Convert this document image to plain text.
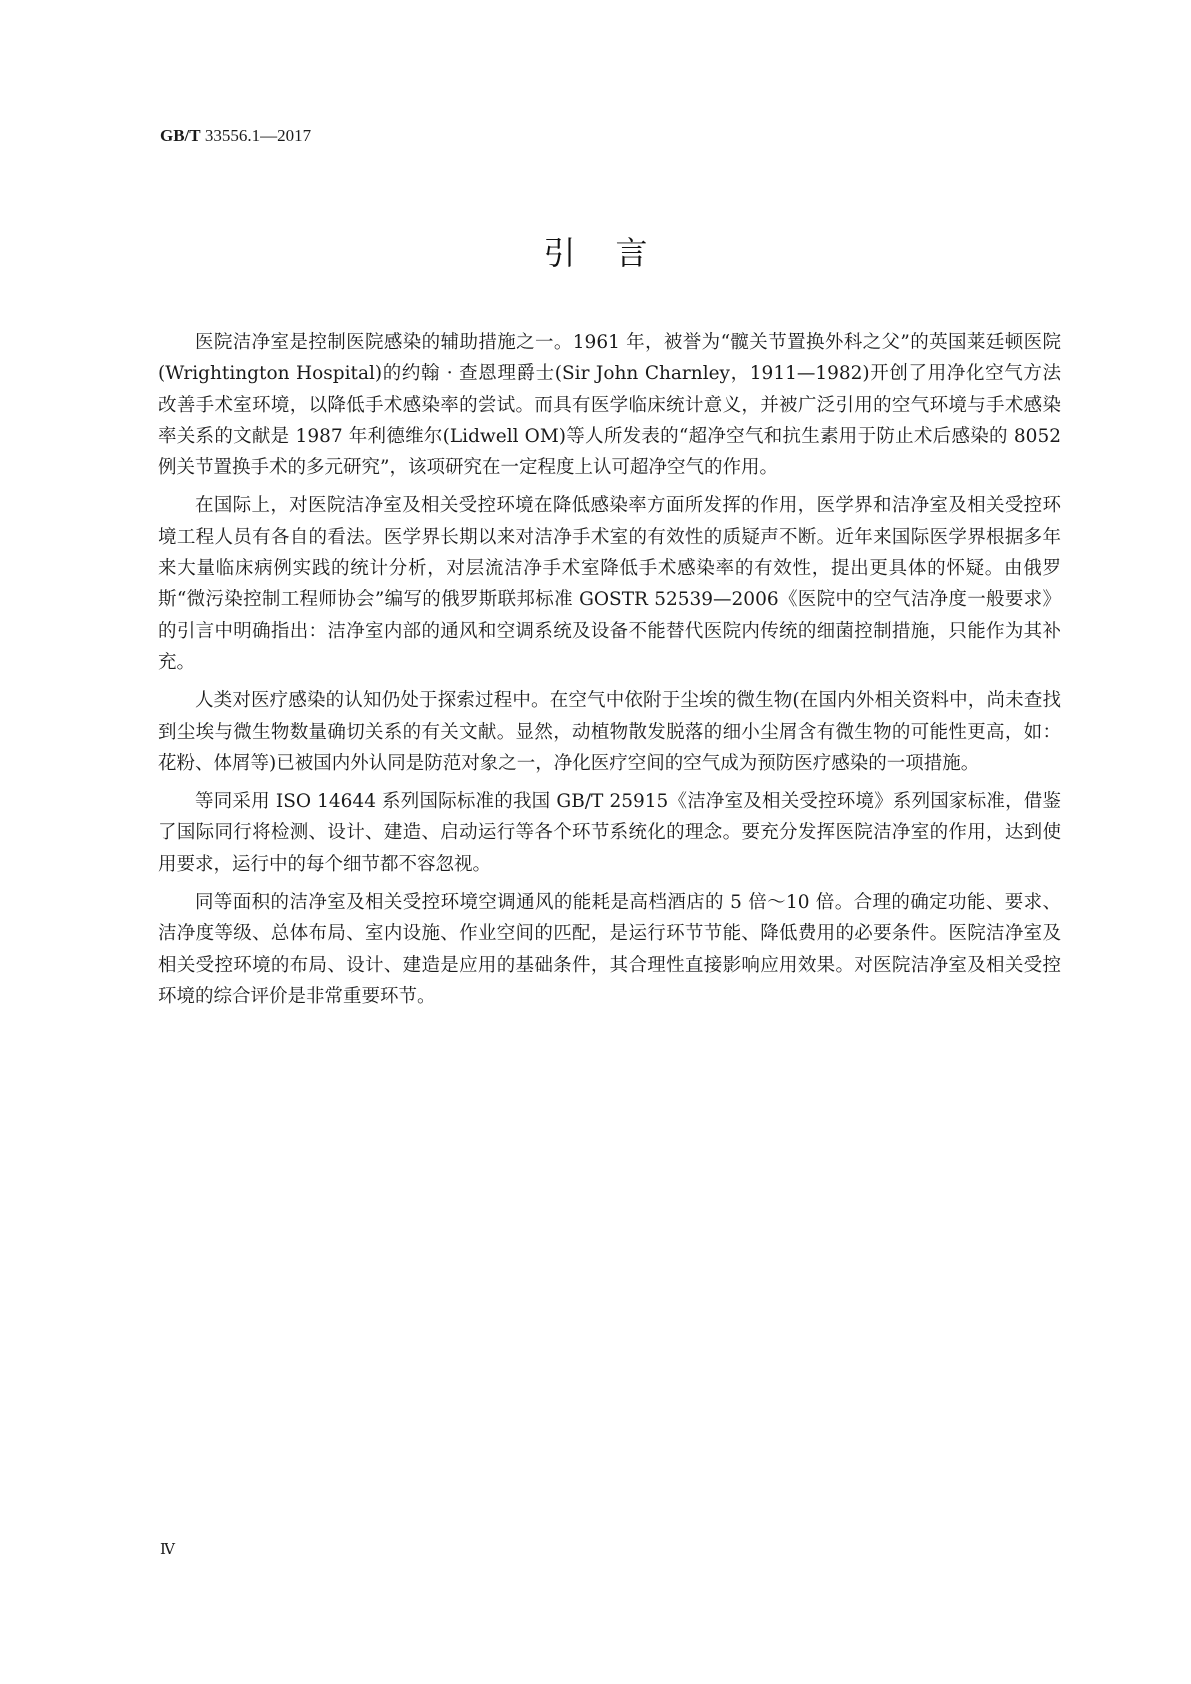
GB/T 33556.1—2017
引言

医院洁净室是控制医院感染的辅助措施之一。1961 年，被誉为“髋关节置换外科之父”的英国莱廷顿医院(Wrightington Hospital)的约翰 · 查恩理爵士(Sir John Charnley，1911—1982)开创了用净化空气方法改善手术室环境，以降低手术感染率的尝试。而具有医学临床统计意义，并被广泛引用的空气环境与手术感染率关系的文献是 1987 年利德维尔(Lidwell OM)等人所发表的“超净空气和抗生素用于防止术后感染的 8052 例关节置换手术的多元研究”，该项研究在一定程度上认可超净空气的作用。

在国际上，对医院洁净室及相关受控环境在降低感染率方面所发挥的作用，医学界和洁净室及相关受控环境工程人员有各自的看法。医学界长期以来对洁净手术室的有效性的质疑声不断。近年来国际医学界根据多年来大量临床病例实践的统计分析，对层流洁净手术室降低手术感染率的有效性，提出更具体的怀疑。由俄罗斯“微污染控制工程师协会”编写的俄罗斯联邦标准 GOSTR 52539—2006《医院中的空气洁净度一般要求》的引言中明确指出：洁净室内部的通风和空调系统及设备不能替代医院内传统的细菌控制措施，只能作为其补充。

人类对医疗感染的认知仍处于探索过程中。在空气中依附于尘埃的微生物(在国内外相关资料中，尚未查找到尘埃与微生物数量确切关系的有关文献。显然，动植物散发脱落的细小尘屑含有微生物的可能性更高，如：花粉、体屑等)已被国内外认同是防范对象之一，净化医疗空间的空气成为预防医疗感染的一项措施。

等同采用 ISO 14644 系列国际标准的我国 GB/T 25915《洁净室及相关受控环境》系列国家标准，借鉴了国际同行将检测、设计、建造、启动运行等各个环节系统化的理念。要充分发挥医院洁净室的作用，达到使用要求，运行中的每个细节都不容忽视。

同等面积的洁净室及相关受控环境空调通风的能耗是高档酒店的 5 倍～10 倍。合理的确定功能、要求、洁净度等级、总体布局、室内设施、作业空间的匹配，是运行环节节能、降低费用的必要条件。医院洁净室及相关受控环境的布局、设计、建造是应用的基础条件，其合理性直接影响应用效果。对医院洁净室及相关受控环境的综合评价是非常重要环节。

Ⅳ
